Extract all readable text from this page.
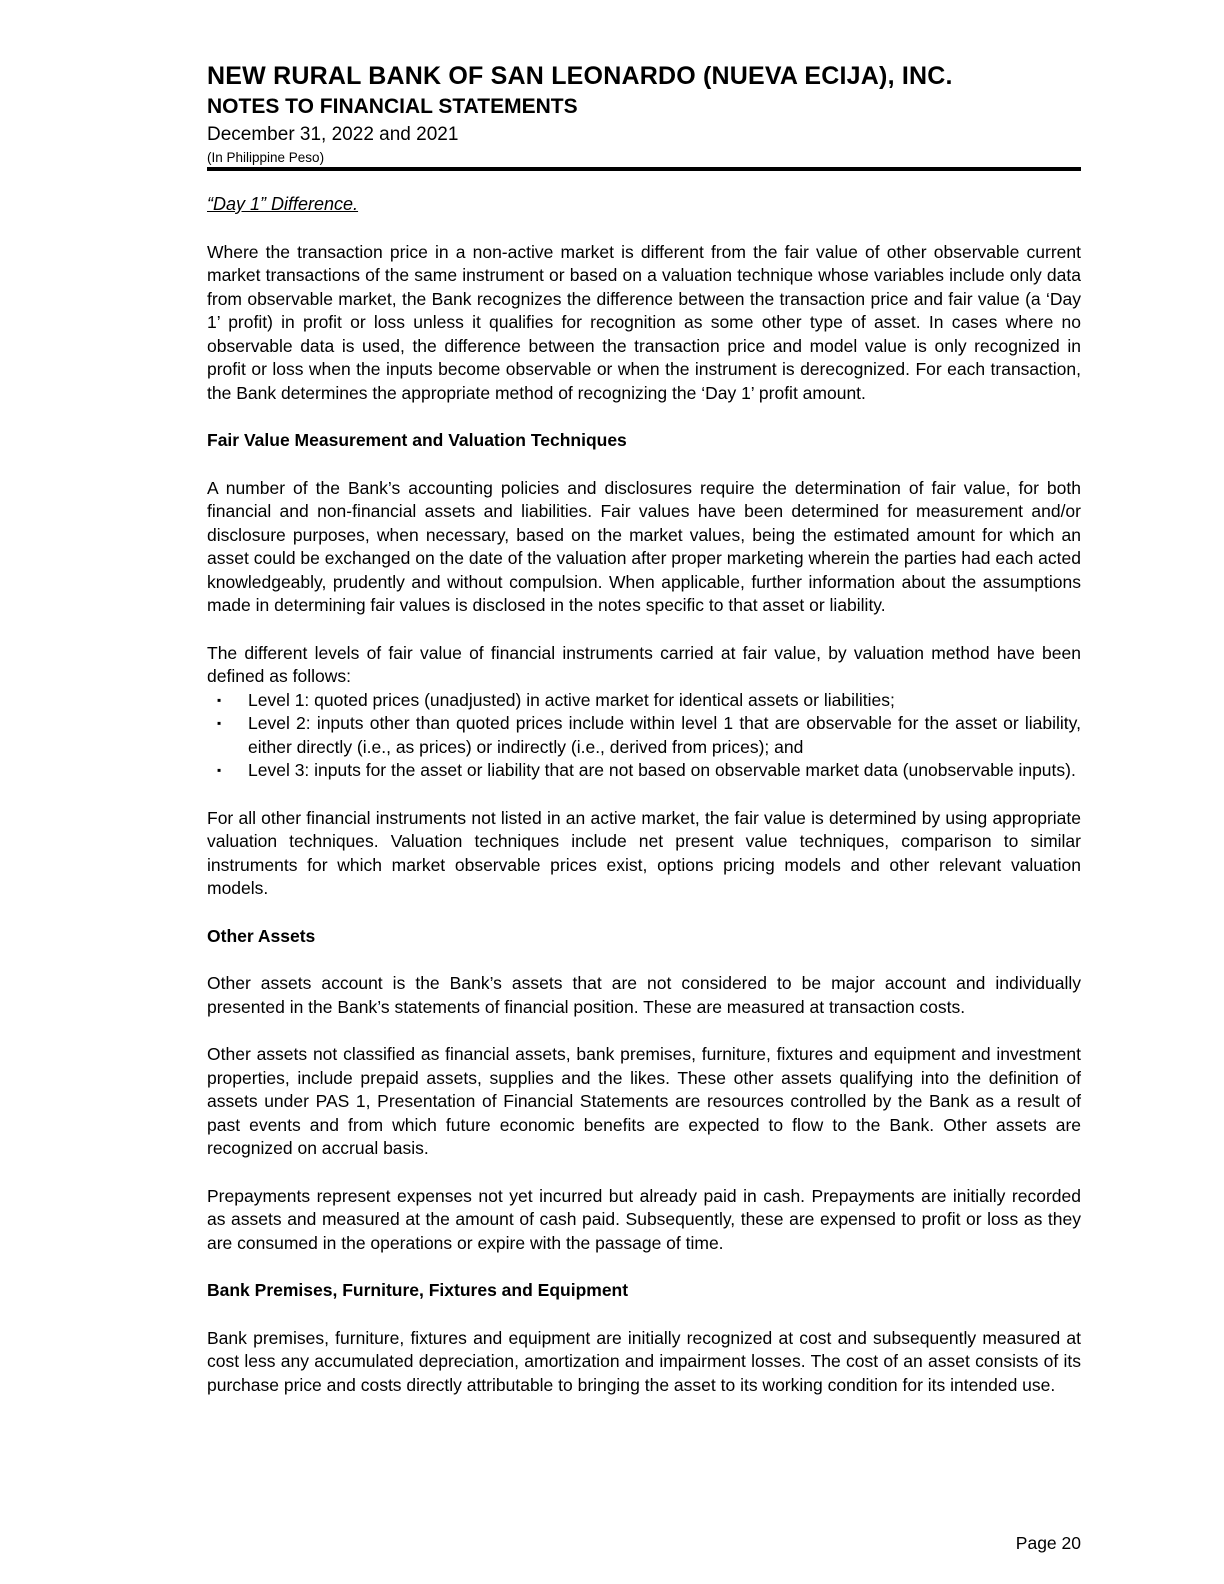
NEW RURAL BANK OF SAN LEONARDO (NUEVA ECIJA), INC.
NOTES TO FINANCIAL STATEMENTS
December 31, 2022 and 2021
(In Philippine Peso)
“Day 1” Difference.
Where the transaction price in a non-active market is different from the fair value of other observable current market transactions of the same instrument or based on a valuation technique whose variables include only data from observable market, the Bank recognizes the difference between the transaction price and fair value (a ‘Day 1’ profit) in profit or loss unless it qualifies for recognition as some other type of asset. In cases where no observable data is used, the difference between the transaction price and model value is only recognized in profit or loss when the inputs become observable or when the instrument is derecognized. For each transaction, the Bank determines the appropriate method of recognizing the ‘Day 1’ profit amount.
Fair Value Measurement and Valuation Techniques
A number of the Bank’s accounting policies and disclosures require the determination of fair value, for both financial and non-financial assets and liabilities. Fair values have been determined for measurement and/or disclosure purposes, when necessary, based on the market values, being the estimated amount for which an asset could be exchanged on the date of the valuation after proper marketing wherein the parties had each acted knowledgeably, prudently and without compulsion. When applicable, further information about the assumptions made in determining fair values is disclosed in the notes specific to that asset or liability.
The different levels of fair value of financial instruments carried at fair value, by valuation method have been defined as follows:
▪ Level 1: quoted prices (unadjusted) in active market for identical assets or liabilities;
▪ Level 2: inputs other than quoted prices include within level 1 that are observable for the asset or liability, either directly (i.e., as prices) or indirectly (i.e., derived from prices); and
▪ Level 3: inputs for the asset or liability that are not based on observable market data (unobservable inputs).
For all other financial instruments not listed in an active market, the fair value is determined by using appropriate valuation techniques. Valuation techniques include net present value techniques, comparison to similar instruments for which market observable prices exist, options pricing models and other relevant valuation models.
Other Assets
Other assets account is the Bank’s assets that are not considered to be major account and individually presented in the Bank’s statements of financial position. These are measured at transaction costs.
Other assets not classified as financial assets, bank premises, furniture, fixtures and equipment and investment properties, include prepaid assets, supplies and the likes. These other assets qualifying into the definition of assets under PAS 1, Presentation of Financial Statements are resources controlled by the Bank as a result of past events and from which future economic benefits are expected to flow to the Bank. Other assets are recognized on accrual basis.
Prepayments represent expenses not yet incurred but already paid in cash. Prepayments are initially recorded as assets and measured at the amount of cash paid. Subsequently, these are expensed to profit or loss as they are consumed in the operations or expire with the passage of time.
Bank Premises, Furniture, Fixtures and Equipment
Bank premises, furniture, fixtures and equipment are initially recognized at cost and subsequently measured at cost less any accumulated depreciation, amortization and impairment losses. The cost of an asset consists of its purchase price and costs directly attributable to bringing the asset to its working condition for its intended use.
Page 20
